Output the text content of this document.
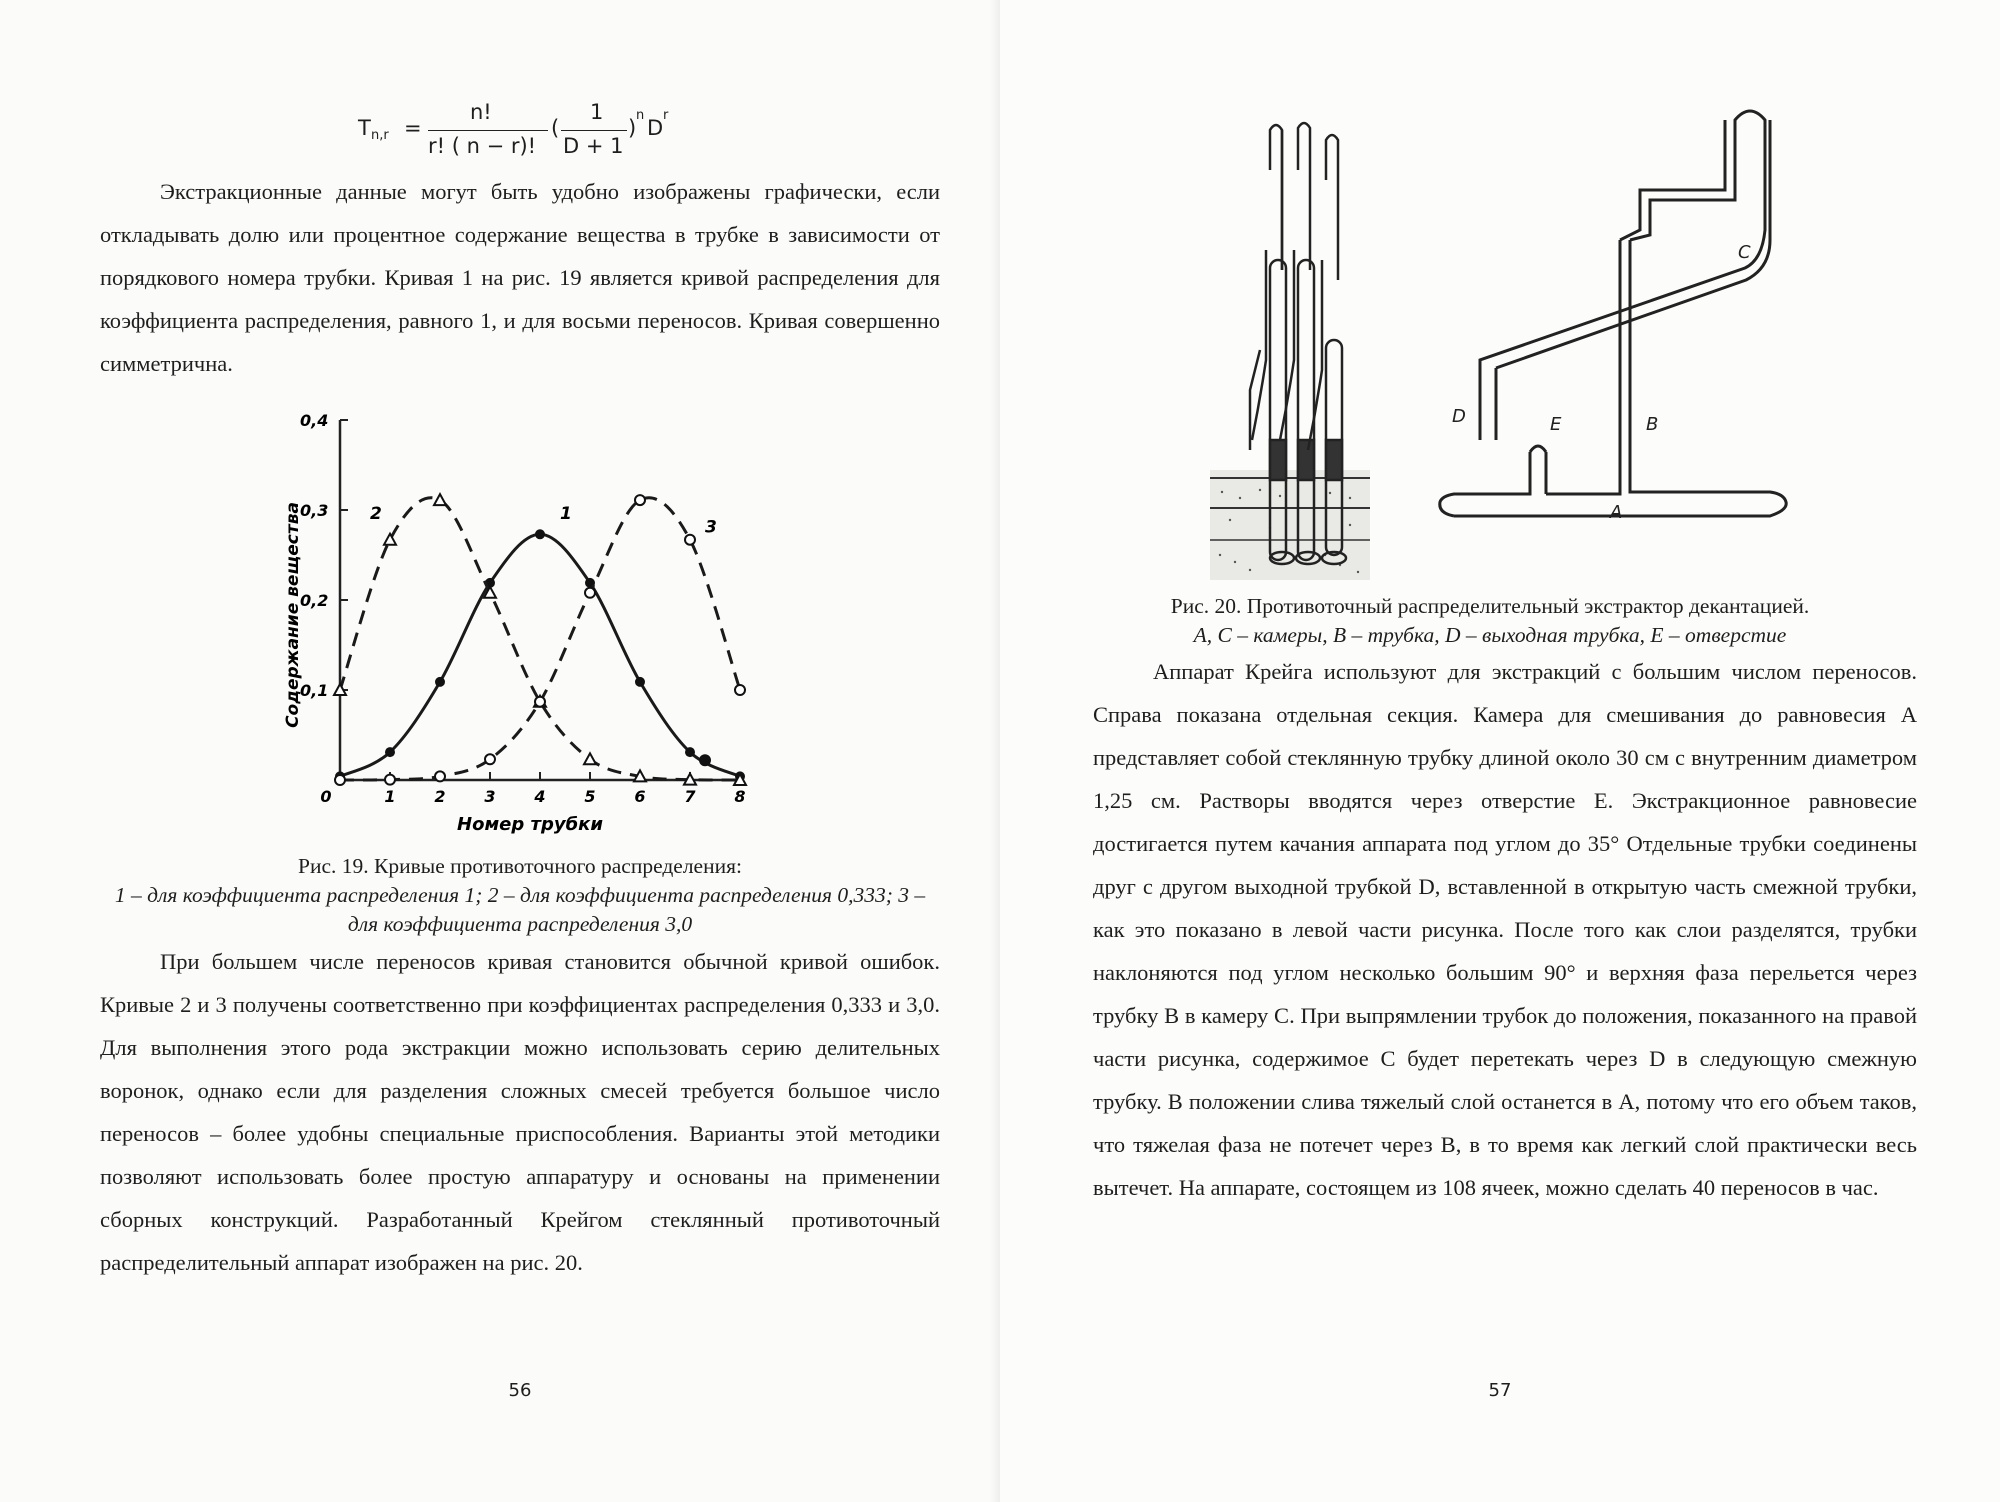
T n,r =
n!
r! ( n − r)!
(
1
D + 1
)
n
D
r

Экстракционные данные могут быть удобно изображены графически, если откладывать долю или процентное содержание вещества в трубке в зависимости от порядкового номера трубки. Кривая 1 на рис. 19 является кривой распределения для коэффициента распределения, равного 1, и для восьми переносов. Кривая совершенно симметрична.

0	1 2 3 4 5 6 7 8
0,1
0,2
0,3
0,4
Номер трубки
Содержание вещества	1
2
3
Рис. 19. Кривые противоточного распределения:
1 – для коэффициента распределения 1; 2 – для коэффициента распределения 0,333; 3 – для коэффициента распределения 3,0

При большем числе переносов кривая становится обычной кривой ошибок. Кривые 2 и 3 получены соответственно при коэффициентах распределения 0,333 и 3,0. Для выполнения этого рода экстракции можно использовать серию делительных воронок, однако если для разделения сложных смесей требуется большое число переносов – более удобны специальные приспособления. Варианты этой методики позволяют использовать более простую аппаратуру и основаны на применении сборных конструкций. Разработанный Крейгом стеклянный противоточный распределительный аппарат изображен на рис. 20.

56
C
D	E	B
A
Рис. 20. Противоточный распределительный экстрактор декантацией.
A, C – камеры, B – трубка, D – выходная трубка, E – отверстие

Аппарат Крейга используют для экстракций с большим числом переносов. Справа показана отдельная секция. Камера для смешивания до равновесия A представляет собой стеклянную трубку длиной около 30 см с внутренним диаметром 1,25 см. Растворы вводятся через отверстие E. Экстракционное равновесие достигается путем качания аппарата под углом до 35° Отдельные трубки соединены друг с другом выходной трубкой D, вставленной в открытую часть смежной трубки, как это показано в левой части рисунка. После того как слои разделятся, трубки наклоняются под углом несколько большим 90° и верхняя фаза перельется через трубку B в камеру C. При выпрямлении трубок до положения, показанного на правой части рисунка, содержимое C будет перетекать через D в следующую смежную трубку. В положении слива тяжелый слой останется в A, потому что его объем таков, что тяжелая фаза не потечет через B, в то время как легкий слой практически весь вытечет. На аппарате, состоящем из 108 ячеек, можно сделать 40 переносов в час.

57
